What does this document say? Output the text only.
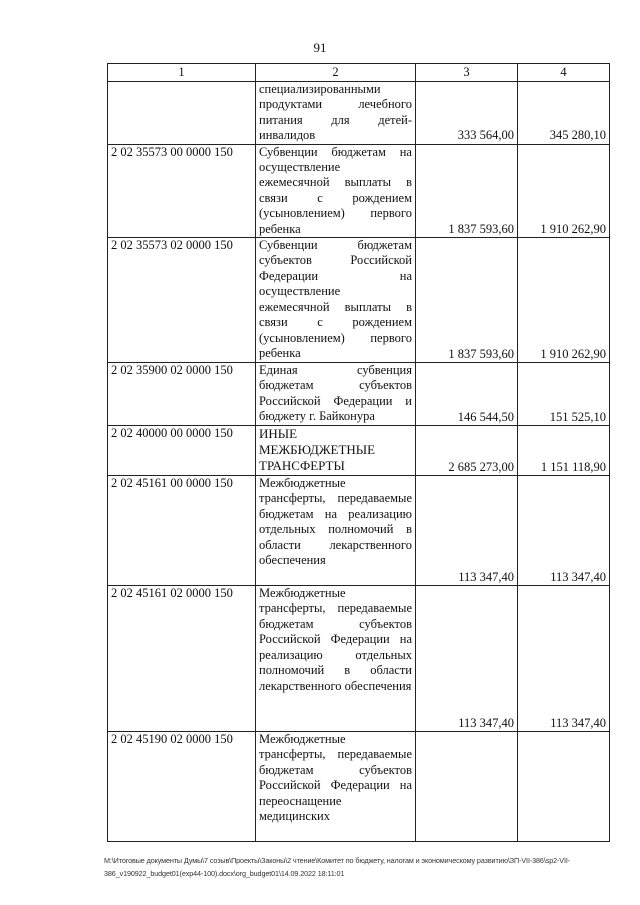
91
1	2	3	4
	специализированными продуктами лечебного питания для детей-инвалидов	333 564,00	345 280,10
2 02 35573 00 0000 150	Субвенции бюджетам на осуществление ежемесячной выплаты в связи с рождением (усыновлением) первого ребенка	1 837 593,60	1 910 262,90
2 02 35573 02 0000 150	Субвенции бюджетам субъектов Российской Федерации на осуществление ежемесячной выплаты в связи с рождением (усыновлением) первого ребенка	1 837 593,60	1 910 262,90
2 02 35900 02 0000 150	Единая субвенция бюджетам субъектов Российской Федерации и бюджету г. Байконура	146 544,50	151 525,10
2 02 40000 00 0000 150	ИНЫЕ МЕЖБЮДЖЕТНЫЕ ТРАНСФЕРТЫ	2 685 273,00	1 151 118,90
2 02 45161 00 0000 150	Межбюджетные трансферты, передаваемые бюджетам на реализацию отдельных полномочий в области лекарственного обеспечения	113 347,40	113 347,40
2 02 45161 02 0000 150	Межбюджетные трансферты, передаваемые бюджетам субъектов Российской Федерации на реализацию отдельных полномочий в области лекарственного обеспечения	113 347,40	113 347,40
2 02 45190 02 0000 150	Межбюджетные трансферты, передаваемые бюджетам субъектов Российской Федерации на переоснащение медицинских		
М:\Итоговые документы Думы\7 созыв\Проекты\Законы\2 чтение\Комитет по бюджету, налогам и экономическому развитию\ЗП-VII-386\sp2-VII-
386_v190922_budget01(exp44-100).docx\org_budget01\14.09.2022 18:11:01
